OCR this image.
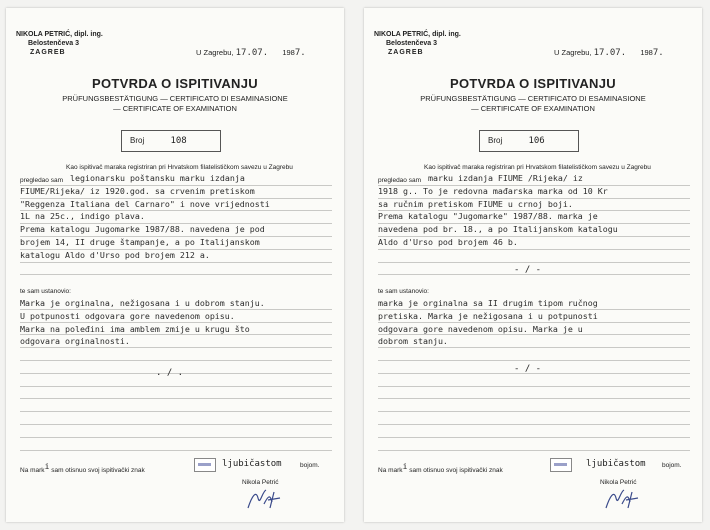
NIKOLA PETRIĆ, dipl. ing.
Belostenčeva 3
ZAGREB	U Zagrebu, 17.07. 1987.
POTVRDA O ISPITIVANJU
PRÜFUNGSBESTÄTIGUNG — CERTIFICATO DI ESAMINASIONE
— CERTIFICATE OF EXAMINATION
Broj	108
Kao ispitivač maraka registriran pri Hrvatskom filatelističkom savezu u Zagrebu
pregledao sam legionarsku poštansku marku izdanja
FIUME/Rijeka/ iz 1920.god. sa crvenim pretiskom
"Reggenza Italiana del Carnaro" i nove vrijednosti
1L na 25c., indigo plava.
Prema katalogu Jugomarke 1987/88. navedena je pod
brojem 14, II druge štampanje, a po Italijanskom
katalogu Aldo d'Urso pod brojem 212 a.
te sam ustanovio:
Marka je orginalna, nežigosana i u dobrom stanju.
U potpunosti odgovara gore navedenom opisu.
Marka na poleđini ima amblem zmije u krugu što
odgovara orginalnosti.
. / .
Na mark$^i$ sam otisnuo svoj ispitivački znak
ljubičastom	bojom.
Nikola Petrić
NIKOLA PETRIĆ, dipl. ing.
Belostenčeva 3
ZAGREB	U Zagrebu, 17.07. 1987.
POTVRDA O ISPITIVANJU
PRÜFUNGSBESTÄTIGUNG — CERTIFICATO DI ESAMINASIONE
— CERTIFICATE OF EXAMINATION
Broj	106
Kao ispitivač maraka registriran pri Hrvatskom filatelističkom savezu u Zagrebu
pregledao sam marku izdanja FIUME /Rijeka/ iz
1918 g.. To je redovna mađarska marka od 10 Kr
sa ručnim pretiskom FIUME u crnoj boji.
Prema katalogu "Jugomarke" 1987/88. marka je
navedena pod br. 18., a po Italijanskom katalogu
Aldo d'Urso pod brojem 46 b.
- / -
te sam ustanovio:
marka je orginalna sa II drugim tipom ručnog
pretiska. Marka je nežigosana i u potpunosti
odgovara gore navedenom opisu. Marka je u
dobrom stanju.
- / -
Na mark$^i$ sam otisnuo svoj ispitivački znak
ljubičastom	bojom.
Nikola Petrić
